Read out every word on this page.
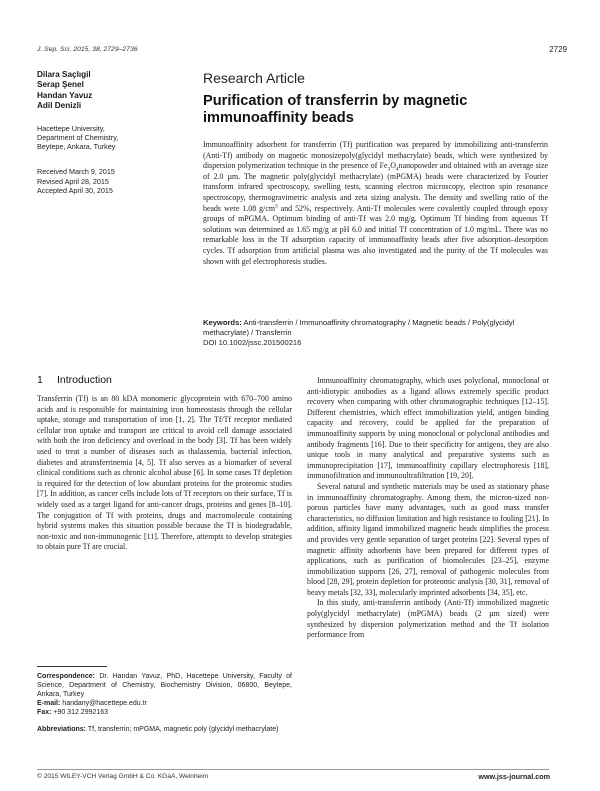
J. Sep. Sci. 2015, 38, 2729–2736	2729
Dilara Saçlıgil
Serap Şenel
Handan Yavuz
Adil Denizli
Hacettepe University,
Department of Chemistry,
Beytepe, Ankara, Turkey
Received March 9, 2015
Revised April 28, 2015
Accepted April 30, 2015
Research Article
Purification of transferrin by magnetic immunoaffinity beads
Immunoaffinity adsorbent for transferrin (Tf) purification was prepared by immobilizing anti-transferrin (Anti-Tf) antibody on magnetic monosizepoly(glycidyl methacrylate) beads, which were synthesized by dispersion polymerization technique in the presence of $Fe_3O_4nanopowder$ and obtained with an average size of 2.0 µm. The magnetic poly(glycidyl methacrylate) (mPGMA) beads were characterized by Fourier transform infrared spectroscopy, swelling tests, scanning electron microscopy, electron spin resonance spectroscopy, thermogravimetric analysis and zeta sizing analysis. The density and swelling ratio of the beads were 1.08 $g/cm^3$ and 52%, respectively. Anti-Tf molecules were covalently coupled through epoxy groups of mPGMA. Optimum binding of anti-Tf was 2.0 mg/g. Optimum Tf binding from aqueous Tf solutions was determined as 1.65 mg/g at pH 6.0 and initial Tf concentration of 1.0 mg/mL. There was no remarkable loss in the Tf adsorption capacity of immunoaffinity beads after five adsorption–desorption cycles. Tf adsorption from artificial plasma was also investigated and the purity of the Tf molecules was shown with gel electrophoresis studies.
Keywords: Anti-transferrin / Immunoaffinity chromatography / Magnetic beads / Poly(glycidyl methacrylate) / Transferrin
DOI 10.1002/jssc.201500216
1 Introduction

Transferrin (Tf) is an 80 kDA monomeric glycoprotein with 670–700 amino acids and is responsible for maintaining iron homeostasis through the cellular uptake, storage and transportation of iron [1, 2]. The Tf/Tf receptor mediated cellular iron uptake and transport are critical to avoid cell damage associated with both the iron deficiency and overload in the body [3]. Tf has been widely used to treat a number of diseases such as thalassemia, bacterial infection, diabetes and atransferrinemia [4, 5]. Tf also serves as a biomarker of several clinical conditions such as chronic alcohol abuse [6]. In some cases Tf depletion is required for the detection of low abundant proteins for the proteomic studies [7]. In addition, as cancer cells include lots of Tf receptors on their surface, Tf is widely used as a target ligand for anti-cancer drugs, proteins and genes [8–10]. The conjugation of Tf with proteins, drugs and macromolecule containing hybrid systems makes this situation possible because the Tf is biodegradable, non-toxic and non-immunogenic [11]. Therefore, attempts to develop strategies to obtain pure Tf are crucial.

Immunoaffinity chromatography, which uses polyclonal, monoclonal or anti-idiotypic antibodies as a ligand allows extremely specific product recovery when comparing with other chromatographic techniques [12–15]. Different chemistries, which effect immobilization yield, antigen binding capacity and recovery, could be applied for the preparation of immunoaffinity supports by using monoclonal or polyclonal antibodies and antibody fragments [16]. Due to their specificity for antigens, they are also unique tools in many analytical and preparative systems such as immunoprecipitation [17], immunoaffinity capillary electrophoresis [18], immunofiltration and immunoultrafiltration [19, 20].

Several natural and synthetic materials may be used as stationary phase in immunoaffinity chromatography. Among them, the micron-sized non-porous particles have many advantages, such as good mass transfer characteristics, no diffusion limitation and high resistance to fouling [21]. In addition, affinity ligand immobilized magnetic beads simplifies the process and provides very gentle separation of target proteins [22]. Several types of magnetic affinity adsorbents have been prepared for different types of applications, such as purification of biomolecules [23–25], enzyme immobilization supports [26, 27], removal of pathogenic molecules from blood [28, 29], protein depletion for proteomic analysis [30, 31], removal of heavy metals [32, 33], molecularly imprinted adsorbents [34, 35], etc.

In this study, anti-transferrin antibody (Anti-Tf) immobilized magnetic poly(glycidyl methacrylate) (mPGMA) beads (2 µm sized) were synthesized by dispersion polymerization method and the Tf isolation performance from

Correspondence: Dr. Handan Yavuz, PhD, Hacettepe University, Faculty of Science, Department of Chemistry, Biochemistry Division, 06800, Beytepe, Ankara, Turkey
E-mail: handany@hacettepe.edu.tr
Fax: +90 312 2992163
Abbreviations: Tf, transferrin; mPGMA, magnetic poly (glycidyl methacrylate)
© 2015 WILEY-VCH Verlag GmbH & Co. KGaA, Weinheim	www.jss-journal.com
